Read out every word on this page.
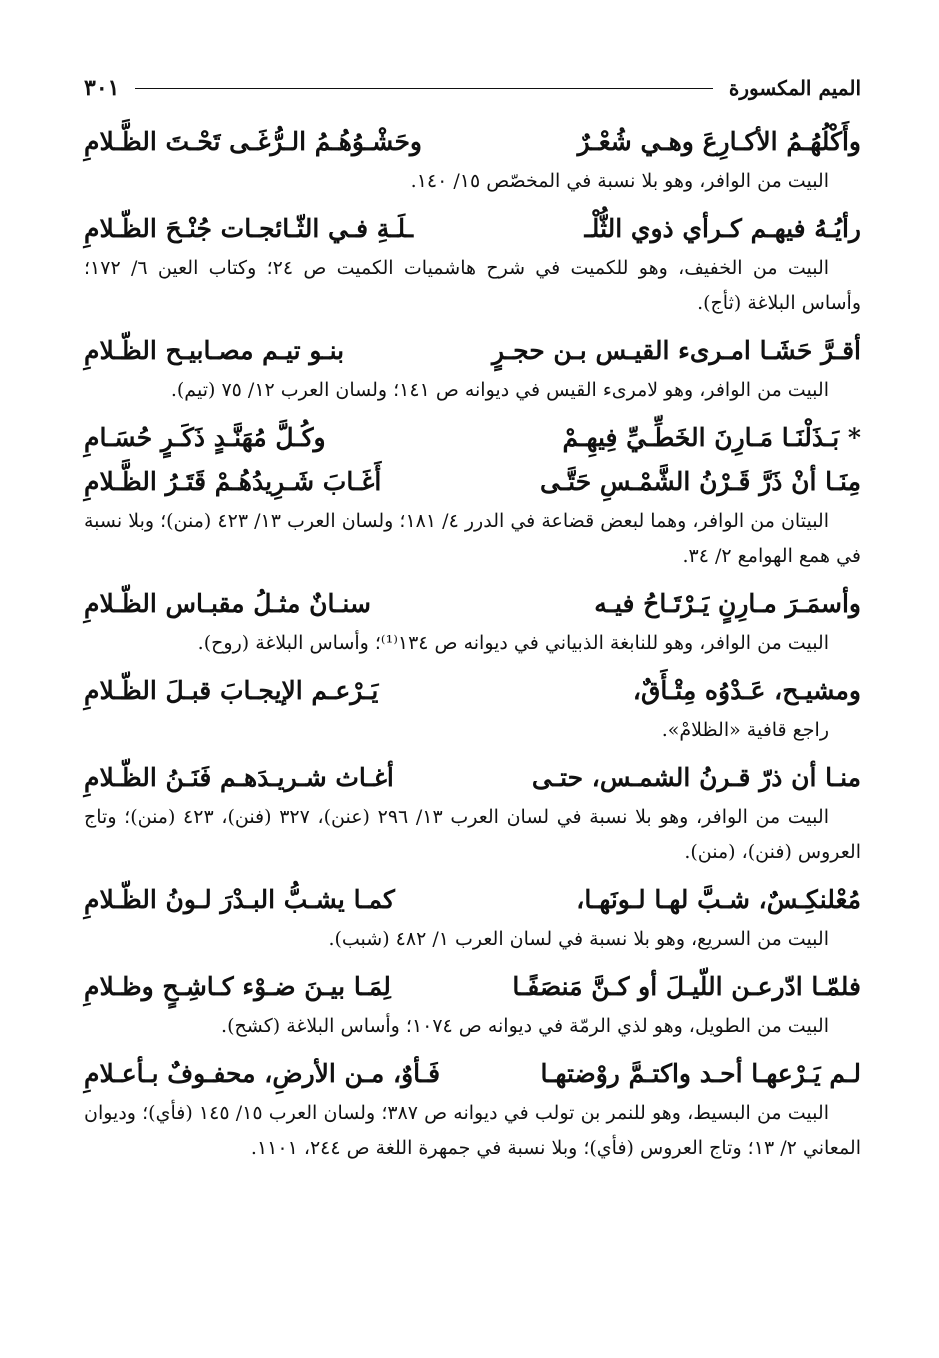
الميم المكسورة
٣٠١
وأَكْلُهُـمُ الأكـارِعَ وهـي شُعْـرٌ
وحَشْـوُهُـمُ الـرُّغَـى تَحْـتَ الظَّـلامِ
البيت من الوافر، وهو بلا نسبة في المخصّص ١٥/ ١٤٠.
رأيُـهُ فيهـم كـرأي ذوي الثُّلْـ
ـلَـةِ فـي الثّـائجـات جُنْـحَ الظّـلامِ
البيت من الخفيف، وهو للكميت في شرح هاشميات الكميت ص ٢٤؛ وكتاب العين ٦/ ١٧٢؛ وأساس البلاغة (ثأج).
أقـرَّ حَشَـا امـرىء القيـس بـن حجـرٍ
بنـو تيـم مصـابيـح الظّـلامِ
البيت من الوافر، وهو لامرىء القيس في ديوانه ص ١٤١؛ ولسان العرب ١٢/ ٧٥ (تيم).
* بَـذَلْنَـا مَـارِنَ الخَطِّـيِّ فِيهِـمْ
وكُـلَّ مُهَنَّـدٍ ذَكَـرٍ حُسَـامِ
مِنَـا أنْ ذَرَّ قَـرْنُ الشَّمْـسِ حَتَّـى
أَغَـابَ شَـرِيدُهُـمْ قَتَـرُ الظَّـلامِ
البيتان من الوافر، وهما لبعض قضاعة في الدرر ٤/ ١٨١؛ ولسان العرب ١٣/ ٤٢٣ (منن)؛ وبلا نسبة في همع الهوامع ٢/ ٣٤.
وأسمَـرَ مـارِنٍ يَـرْتَـاحُ فيـه
سنـانٌ مثـلُ مقبـاس الظّـلامِ
البيت من الوافر، وهو للنابغة الذبياني في ديوانه ص ١٣٤⁽¹⁾؛ وأساس البلاغة (روح).
ومشيـح، عَـدْوُه مِتْـأَقٌ،
يَـرْعـم الإيجـابَ قبـلَ الظّـلامِ
راجع قافية «الظلامْ».
منـا أن ذرّ قـرنُ الشمـس، حتـى
أغـاث شـريـدَهـم فَنَـنُ الظّـلامِ
البيت من الوافر، وهو بلا نسبة في لسان العرب ١٣/ ٢٩٦ (عنن)، ٣٢٧ (فنن)، ٤٢٣ (منن)؛ وتاج العروس (فنن)، (منن).
مُعْلنكِـسٌ، شـبَّ لهـا لـونَهـا،
كمـا يشـبُّ البـدْرَ لـونُ الظّـلامِ
البيت من السريع، وهو بلا نسبة في لسان العرب ١/ ٤٨٢ (شبب).
فلمّـا ادّرعـن اللّيـلَ أو كـنَّ مَنصَفًـا
لِمَـا بيـنَ ضـوْء كـاشِـحٍ وظـلامِ
البيت من الطويل، وهو لذي الرمّة في ديوانه ص ١٠٧٤؛ وأساس البلاغة (كشح).
لـم يَـرْعهـا أحـد واكتـمَّ روْضتهـا
فَـأوٌ، مـن الأرضِ، محفـوفٌ بـأعـلامِ
البيت من البسيط، وهو للنمر بن تولب في ديوانه ص ٣٨٧؛ ولسان العرب ١٥/ ١٤٥ (فأي)؛ وديوان المعاني ٢/ ١٣؛ وتاج العروس (فأي)؛ وبلا نسبة في جمهرة اللغة ص ٢٤٤، ١١٠١.
